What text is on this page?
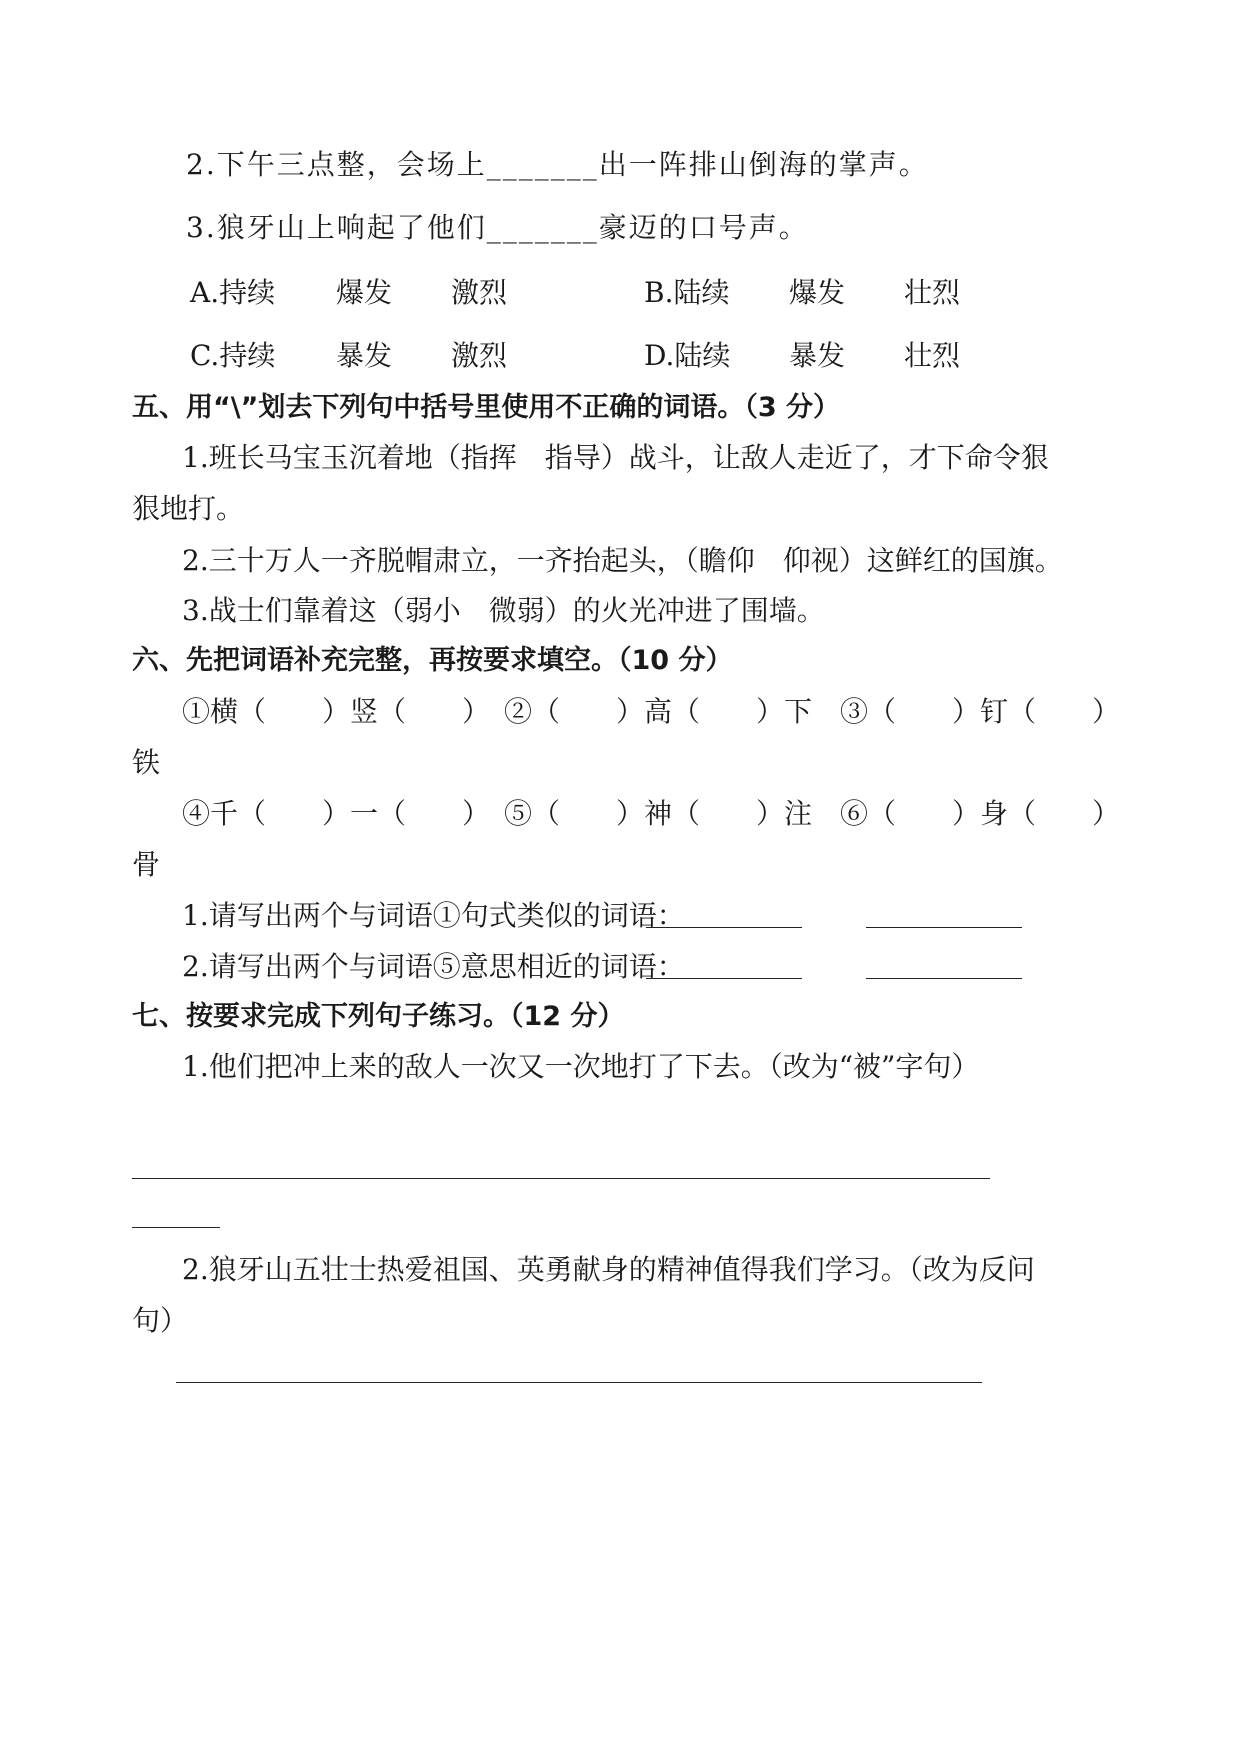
2.下午三点整，会场上_______出一阵排山倒海的掌声。
3.狼牙山上响起了他们_______豪迈的口号声。
A.持续 爆发 激烈	B.陆续 爆发 壮烈
C.持续 暴发 激烈	D.陆续 暴发 壮烈
五、用“\”划去下列句中括号里使用不正确的词语。（3 分）
1.班长马宝玉沉着地（指挥　指导）战斗，让敌人走近了，才下命令狠
狠地打。
2.三十万人一齐脱帽肃立，一齐抬起头，（瞻仰　仰视）这鲜红的国旗。
3.战士们靠着这（弱小　微弱）的火光冲进了围墙。
六、先把词语补充完整，再按要求填空。（10 分）
①横（　　）竖（　　）　②（　　）高（　　）下　③（　　）钉（　　）
铁
④千（　　）一（　　）　⑤（　　）神（　　）注　⑥（　　）身（　　）
骨
1.请写出两个与词语①句式类似的词语：
2.请写出两个与词语⑤意思相近的词语：
七、按要求完成下列句子练习。（12 分）
1.他们把冲上来的敌人一次又一次地打了下去。（改为“被”字句）
2.狼牙山五壮士热爱祖国、英勇献身的精神值得我们学习。（改为反问
句）
